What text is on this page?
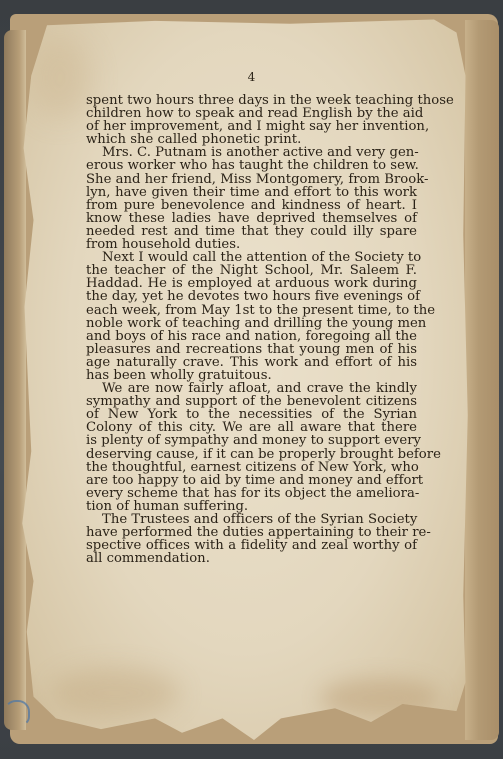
4

spent two hours three days in the week teaching those
children how to speak and read English by the aid
of her improvement, and I might say her invention,
which she called phonetic print.

Mrs. C. Putnam is another active and very gen-
erous worker who has taught the children to sew.
She and her friend, Miss Montgomery, from Brook-
lyn, have given their time and effort to this work
from pure benevolence and kindness of heart. I
know these ladies have deprived themselves of
needed rest and time that they could illy spare
from household duties.

Next I would call the attention of the Society to
the teacher of the Night School, Mr. Saleem F.
Haddad. He is employed at arduous work during
the day, yet he devotes two hours five evenings of
each week, from May 1st to the present time, to the
noble work of teaching and drilling the young men
and boys of his race and nation, foregoing all the
pleasures and recreations that young men of his
age naturally crave. This work and effort of his
has been wholly gratuitous.

We are now fairly afloat, and crave the kindly
sympathy and support of the benevolent citizens
of New York to the necessities of the Syrian
Colony of this city. We are all aware that there
is plenty of sympathy and money to support every
deserving cause, if it can be properly brought before
the thoughtful, earnest citizens of New York, who
are too happy to aid by time and money and effort
every scheme that has for its object the ameliora-
tion of human suffering.

The Trustees and officers of the Syrian Society
have performed the duties appertaining to their re-
spective offices with a fidelity and zeal worthy of
all commendation.
